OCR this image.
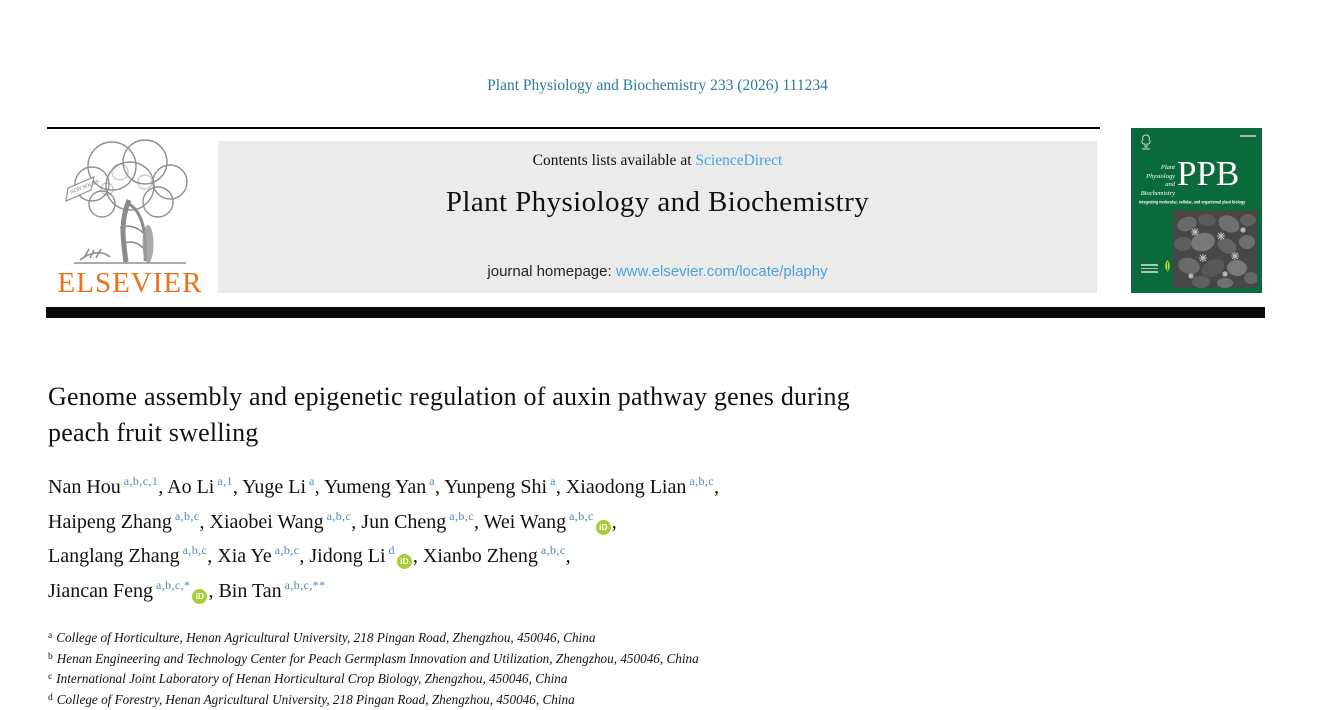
Plant Physiology and Biochemistry 233 (2026) 111234
Contents lists available at ScienceDirect
Plant Physiology and Biochemistry
journal homepage: www.elsevier.com/locate/plaphy
NON SOLUS
ELSEVIER
Plant
Physiology
and
Biochemistry PPB
Integrating molecular, cellular, and organismal plant biology
Genome assembly and epigenetic regulation of auxin pathway genes during
peach fruit swelling
Nan Hou $^{a,b,c,1}$, Ao Li $^{a,1}$, Yuge Li $^a$, Yumeng Yan $^a$, Yunpeng Shi $^a$, Xiaodong Lian $^{a,b,c}$,
Haipeng Zhang $^{a,b,c}$, Xiaobei Wang $^{a,b,c}$, Jun Cheng $^{a,b,c}$, Wei Wang $^{a,b,c}$iD ,
Langlang Zhang $^{a,b,c}$, Xia Ye $^{a,b,c}$, Jidong Li $^d$iD , Xianbo Zheng $^{a,b,c}$,
Jiancan Feng $^{a,b,c,*}$iD , Bin Tan $^{a,b,c,**}$
$^a$ College of Horticulture, Henan Agricultural University, 218 Pingan Road, Zhengzhou, 450046, China
$^b$ Henan Engineering and Technology Center for Peach Germplasm Innovation and Utilization, Zhengzhou, 450046, China
$^c$ International Joint Laboratory of Henan Horticultural Crop Biology, Zhengzhou, 450046, China
$^d$ College of Forestry, Henan Agricultural University, 218 Pingan Road, Zhengzhou, 450046, China
